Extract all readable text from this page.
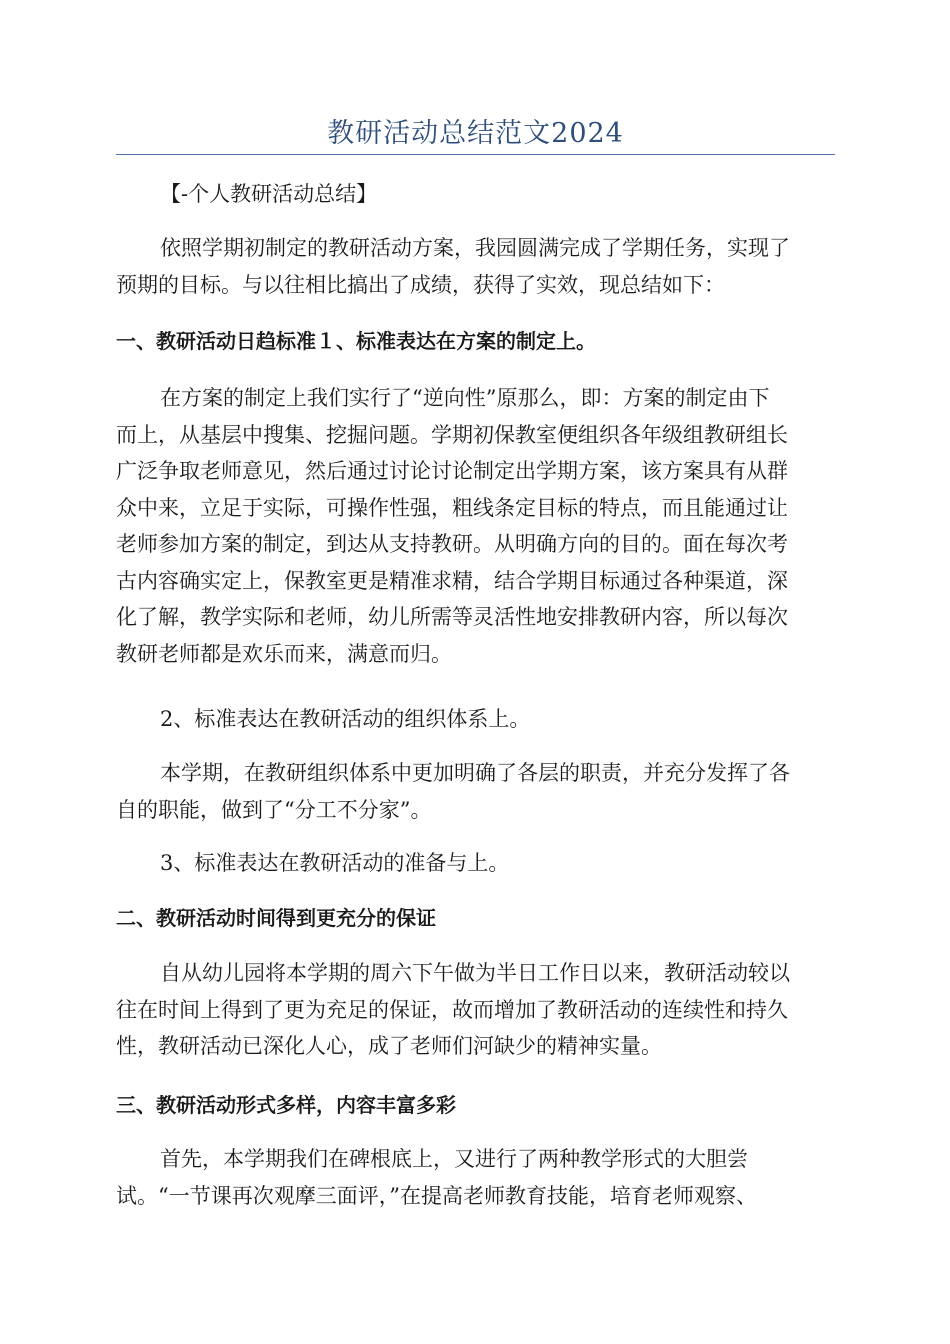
教研活动总结范文2024

【-个人教研活动总结】

依照学期初制定的教研活动方案，我园圆满完成了学期任务，实现了
预期的目标。与以往相比搞出了成绩，获得了实效，现总结如下：

一、教研活动日趋标准１、标准表达在方案的制定上。

在方案的制定上我们实行了“逆向性”原那么，即：方案的制定由下
而上，从基层中搜集、挖掘问题。学期初保教室便组织各年级组教研组长
广泛争取老师意见，然后通过讨论讨论制定出学期方案，该方案具有从群
众中来，立足于实际，可操作性强，粗线条定目标的特点，而且能通过让
老师参加方案的制定，到达从支持教研。从明确方向的目的。面在每次考
古内容确实定上，保教室更是精准求精，结合学期目标通过各种渠道，深
化了解，教学实际和老师，幼儿所需等灵活性地安排教研内容，所以每次
教研老师都是欢乐而来，满意而归。

2、标准表达在教研活动的组织体系上。

本学期，在教研组织体系中更加明确了各层的职责，并充分发挥了各
自的职能，做到了“分工不分家”。

3、标准表达在教研活动的准备与上。

二、教研活动时间得到更充分的保证

自从幼儿园将本学期的周六下午做为半日工作日以来，教研活动较以
往在时间上得到了更为充足的保证，故而增加了教研活动的连续性和持久
性，教研活动已深化人心，成了老师们河缺少的精神实量。

三、教研活动形式多样，内容丰富多彩

首先，本学期我们在碑根底上，又进行了两种教学形式的大胆尝
试。“一节课再次观摩三面评，”在提高老师教育技能，培育老师观察、
